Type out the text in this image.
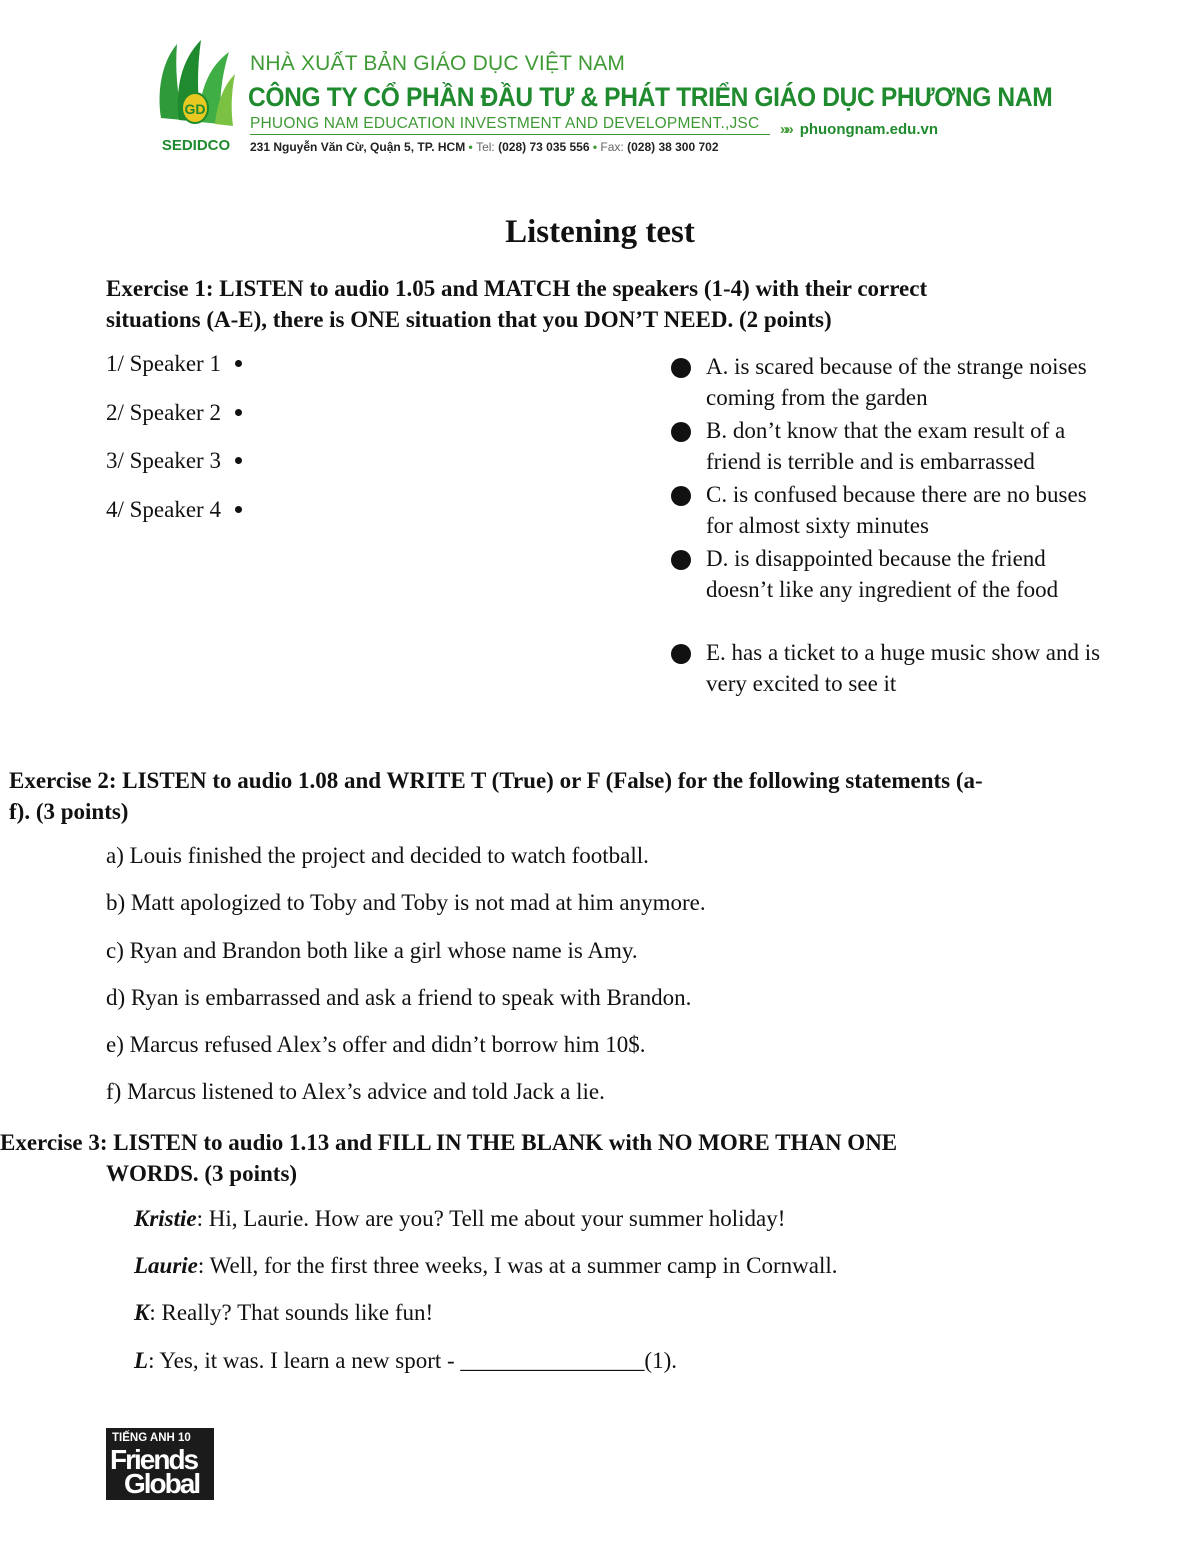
GD
SEDIDCO
NHÀ XUẤT BẢN GIÁO DỤC VIỆT NAM
CÔNG TY CỔ PHẦN ĐẦU TƯ & PHÁT TRIỂN GIÁO DỤC PHƯƠNG NAM
PHUONG NAM EDUCATION INVESTMENT AND DEVELOPMENT.,JSC
231 Nguyễn Văn Cừ, Quận 5, TP. HCM • Tel: (028) 73 035 556 • Fax: (028) 38 300 702
»» phuongnam.edu.vn
Listening test
Exercise 1: LISTEN to audio 1.05 and MATCH the speakers (1-4) with their correct
situations (A-E), there is ONE situation that you DON’T NEED. (2 points)
1/ Speaker 1
2/ Speaker 2
3/ Speaker 3
4/ Speaker 4
A. is scared because of the strange noises coming from the garden
B. don’t know that the exam result of a friend is terrible and is embarrassed
C. is confused because there are no buses for almost sixty minutes
D. is disappointed because the friend doesn’t like any ingredient of the food
E. has a ticket to a huge music show and is very excited to see it
Exercise 2: LISTEN to audio 1.08 and WRITE T (True) or F (False) for the following statements (a-
f). (3 points)
a) Louis finished the project and decided to watch football.
b) Matt apologized to Toby and Toby is not mad at him anymore.
c) Ryan and Brandon both like a girl whose name is Amy.
d) Ryan is embarrassed and ask a friend to speak with Brandon.
e) Marcus refused Alex’s offer and didn’t borrow him 10$.
f) Marcus listened to Alex’s advice and told Jack a lie.
Exercise 3: LISTEN to audio 1.13 and FILL IN THE BLANK with NO MORE THAN ONE
WORDS. (3 points)
Kristie: Hi, Laurie. How are you? Tell me about your summer holiday!
Laurie: Well, for the first three weeks, I was at a summer camp in Cornwall.
K: Really? That sounds like fun!
L: Yes, it was. I learn a new sport - ________________(1).
TIẾNG ANH 10
Friends
Global
